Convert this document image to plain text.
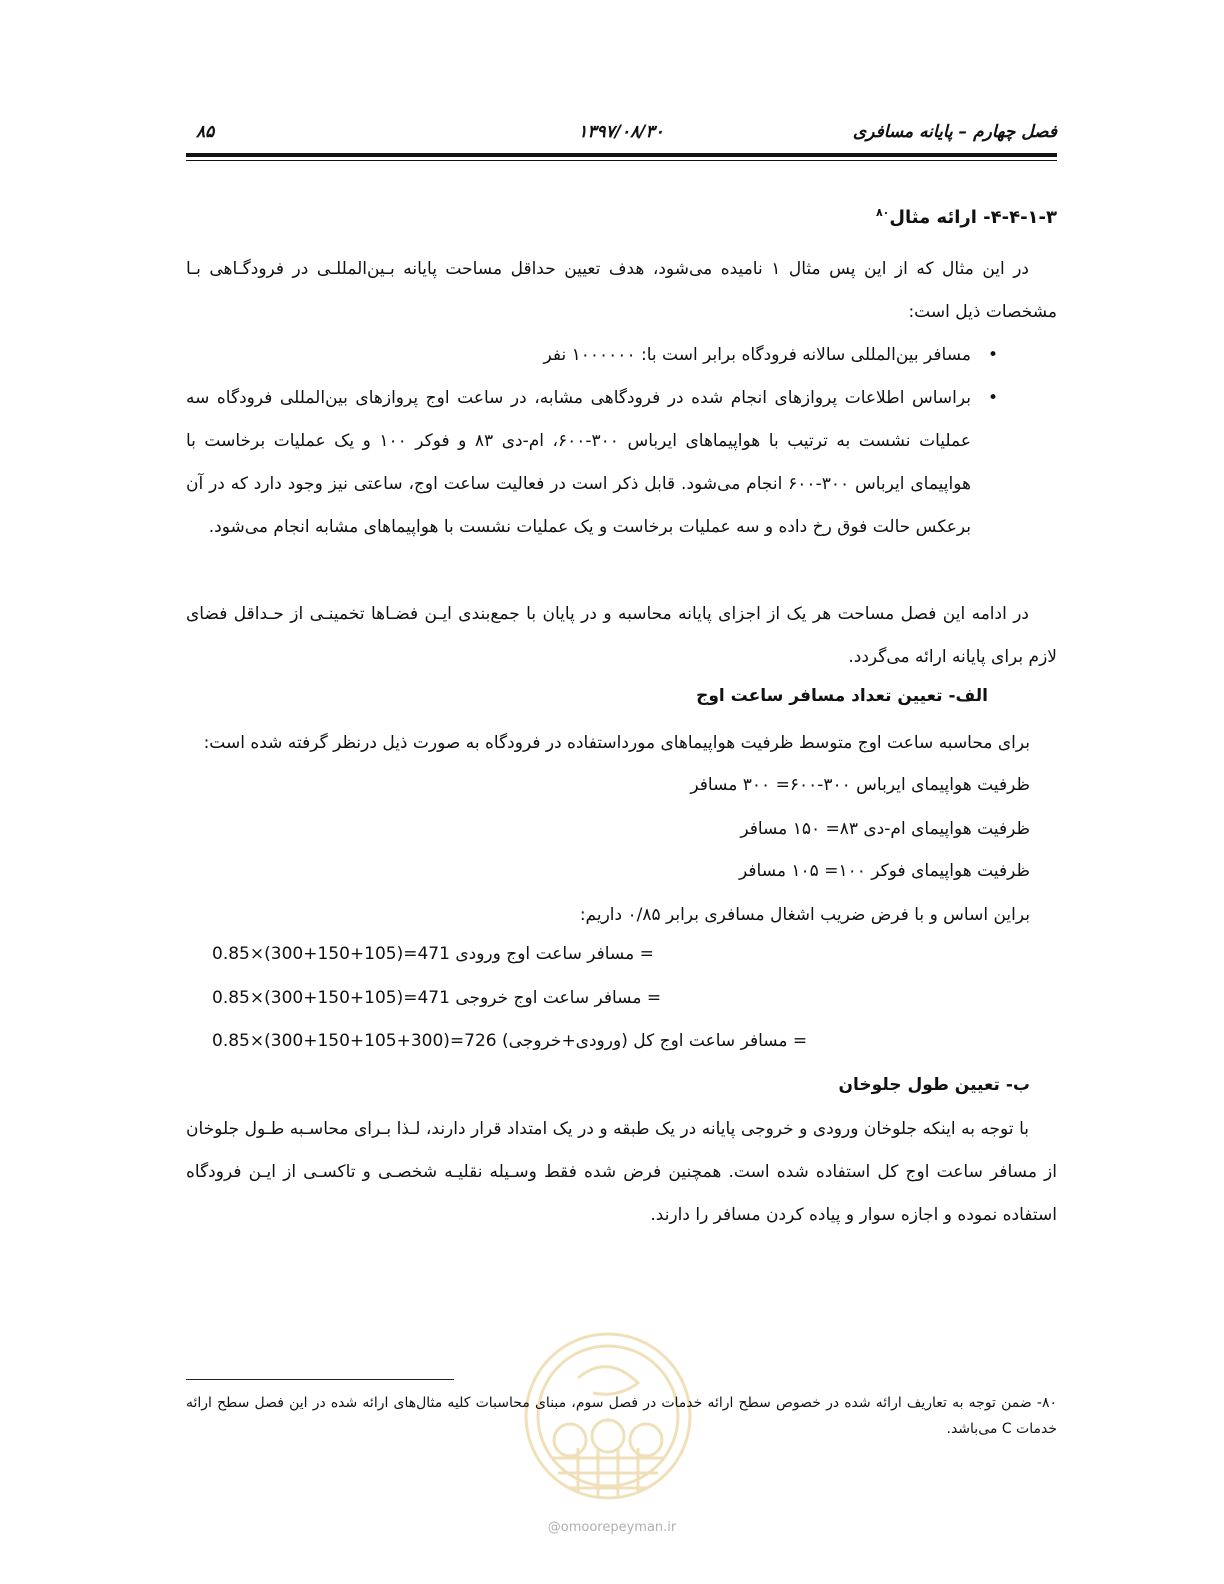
فصل چهارم – پایانه مسافری
۱۳۹۷/۰۸/۳۰
۸۵
۴-۴-۱-۳- ارائه مثال$^{۸۰}$
در این مثال که از این پس مثال ۱ نامیده می‌شود، هدف تعیین حداقل مساحت پایانه بـین‌المللـی در فرودگـاهی بـا مشخصات ذیل است:
•
مسافر بین‌المللی سالانه فرودگاه برابر است با: ۱۰۰۰۰۰۰ نفر
•
براساس اطلاعات پروازهای انجام شده در فرودگاهی مشابه، در ساعت اوج پروازهای بین‌المللی فرودگاه سه عملیات نشست به ترتیب با هواپیماهای ایرباس ۳۰۰-۶۰۰، ام-دی ۸۳ و فوکر ۱۰۰ و یک عملیات برخاست با هواپیمای ایرباس ۳۰۰-۶۰۰ انجام می‌شود. قابل ذکر است در فعالیت ساعت اوج، ساعتی نیز وجود دارد که در آن برعکس حالت فوق رخ داده و سه عملیات برخاست و یک عملیات نشست با هواپیماهای مشابه انجام می‌شود.
در ادامه این فصل مساحت هر یک از اجزای پایانه محاسبه و در پایان با جمع‌بندی ایـن فضـاها تخمینـی از حـداقل فضای لازم برای پایانه ارائه می‌گردد.
الف- تعیین تعداد مسافر ساعت اوج
برای محاسبه ساعت اوج متوسط ظرفیت هواپیماهای مورداستفاده در فرودگاه به صورت ذیل درنظر گرفته شده است:
ظرفیت هواپیمای ایرباس ۳۰۰-۶۰۰= ۳۰۰ مسافر
ظرفیت هواپیمای ام-دی ۸۳= ۱۵۰ مسافر
ظرفیت هواپیمای فوکر ۱۰۰= ۱۰۵ مسافر
براین اساس و با فرض ضریب اشغال مسافری برابر ۰/۸۵ داریم:
مسافر ساعت اوج ورودی 471=(300+150+105)×0.85 =
مسافر ساعت اوج خروجی 471=(300+150+105)×0.85 =
مسافر ساعت اوج کل (ورودی+خروجی) 726=(300+150+105+300)×0.85 =
ب- تعیین طول جلوخان
با توجه به اینکه جلوخان ورودی و خروجی پایانه در یک طبقه و در یک امتداد قرار دارند، لـذا بـرای محاسـبه طـول جلوخان از مسافر ساعت اوج کل استفاده شده است. همچنین فرض شده فقط وسـیله نقلیـه شخصـی و تاکسـی از ایـن فرودگاه استفاده نموده و اجازه سوار و پیاده کردن مسافر را دارند.
@omoorepeyman.ir
۸۰- ضمن توجه به تعاریف ارائه شده در خصوص سطح ارائه خدمات در فصل سوم، مبنای محاسبات کلیه مثال‌های ارائه شده در این فصل سطح ارائه خدمات C می‌باشد.
